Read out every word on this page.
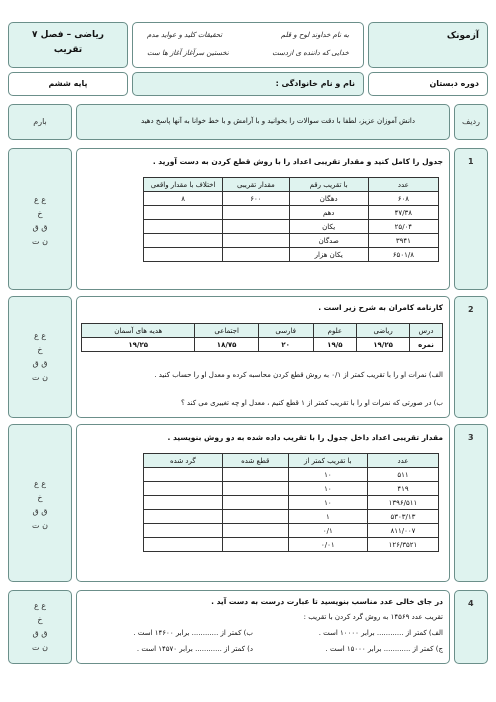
ریاضی – فصل ۷
تقریب
به نام خداوند لوح و قلم
تحقیقات کلید و عواید مدم
خدایی که داننده ی ازدست
نخستین سرآغاز آغاز ها ست
آزمونک
پایه ششم	نام و نام خانوادگی :	دوره دبستان
بارم	دانش آموزان عزیز، لطفا با دقت سوالات را بخوانید و با آرامش و با خط خوانا به آنها پاسخ دهید	ردیف
ع ع
خ
ق ق
ن ت
جدول را کامل کنید و مقدار تقریبی اعداد را با روش قطع کردن به دست آورید .
عدد	با تقریب رقم	مقدار تقریبی	اختلاف با مقدار واقعی
۶۰۸	دهگان	۶۰۰	۸
۴۷/۳۸	دهم		
۲۵/۰۴	یکان		
۳۹۴۱	صدگان		
۶۵۰۱/۸	یکان هزار		
1
ع ع
خ
ق ق
ن ت
کارنامه کامران به شرح زیر است .
درس	ریاضی	علوم	فارسی	اجتماعی	هدیه های آسمان
نمره	۱۹/۲۵	۱۹/۵	۲۰	۱۸/۷۵	۱۹/۲۵
الف) نمرات او را با تقریب کمتر از ۰/۱ به روش قطع کردن محاسبه کرده و معدل او را حساب کنید .
ب) در صورتی که نمرات او را با تقریب کمتر از ۱ قطع کنیم ، معدل او چه تغییری می کند ؟
2
ع ع
خ
ق ق
ن ت
مقدار تقریبی اعداد داخل جدول را با تقریب داده شده به دو روش بنویسید .
عدد	با تقریب کمتر از	قطع شده	گرد شده
۵۱۱	۱۰		
۴۱۹	۱۰		
۱۳۹۶/۵۱۱	۱۰		
۵۳۰۳/۱۳	۱		
۸۱۱/۰۰۷	۰/۱		
۱۲۶/۳۵۲۱	۰/۰۱		
3
ع ع
خ
ق ق
ن ت
در جای خالی عدد مناسب بنویسید تا عبارت درست به دست آید .
تقریب عدد ۱۴۵۶۹ به روش گرد کردن با تقریب :
الف) کمتر از ............ برابر ۱۰۰۰۰ است .
ب) کمتر از ............ برابر ۱۴۶۰۰ است .
ج) کمتر از ............ برابر ۱۵۰۰۰ است .
د) کمتر از ............ برابر ۱۴۵۷۰ است .
4
